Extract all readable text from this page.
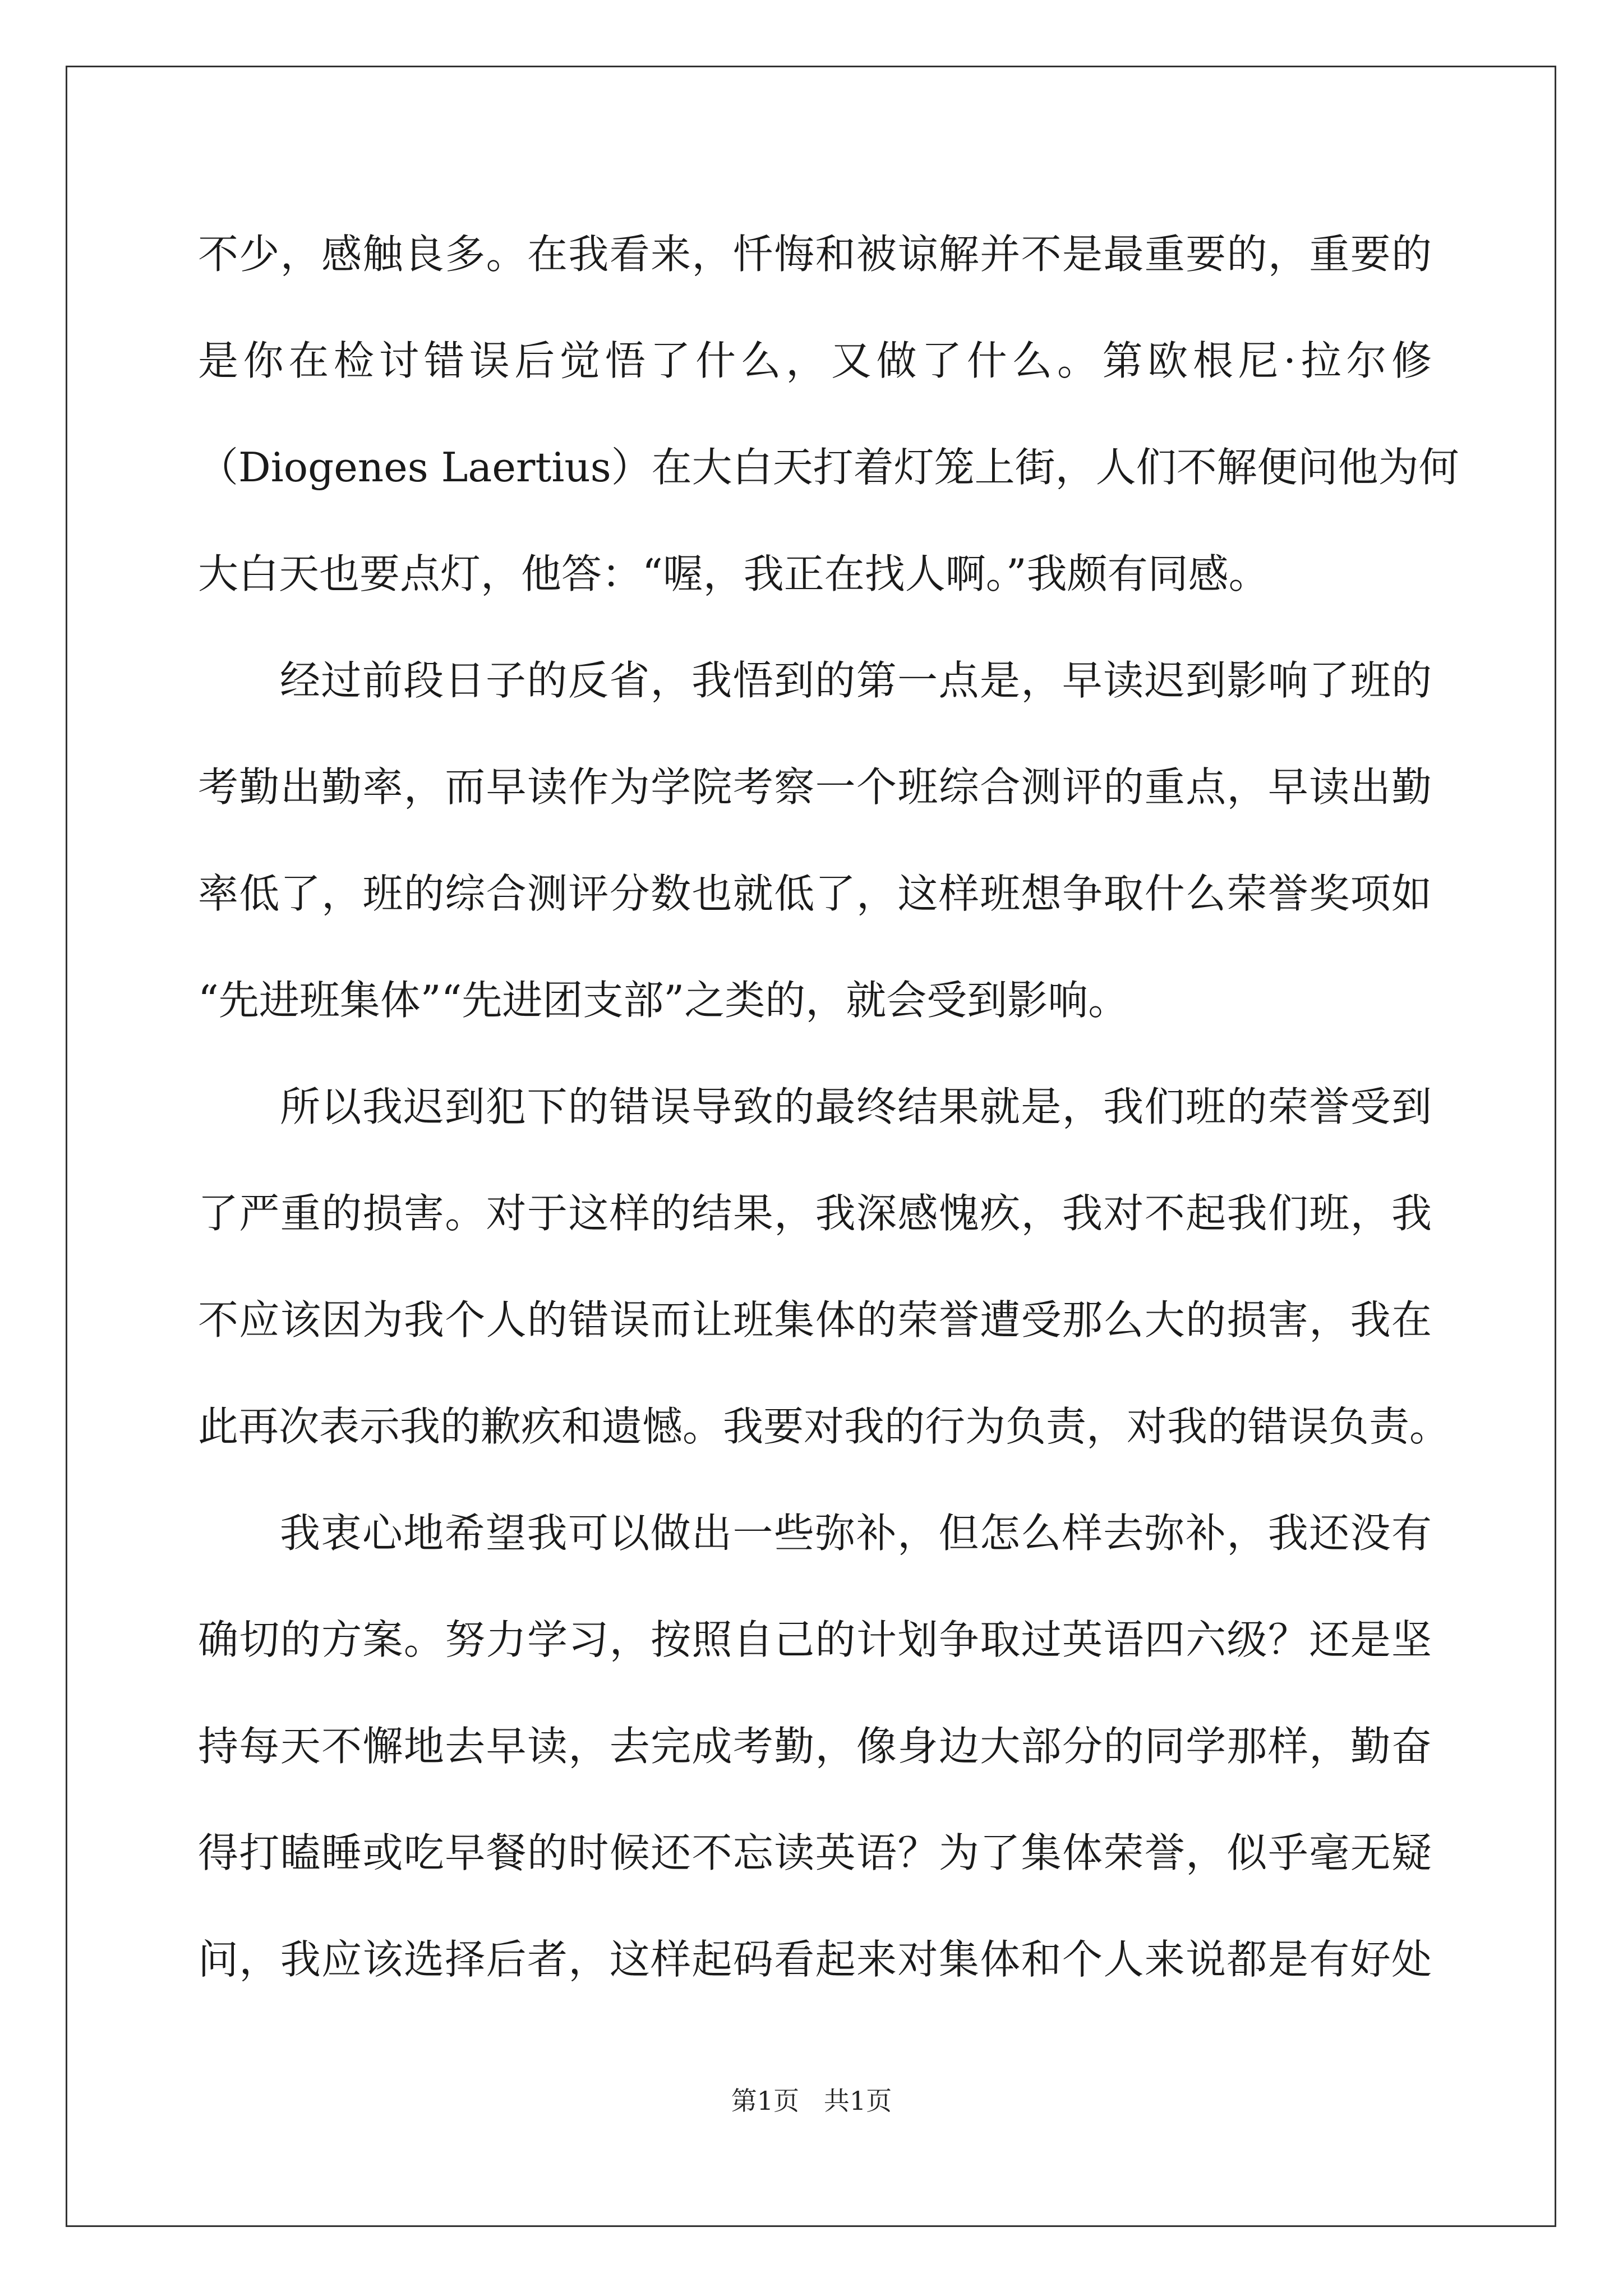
不少，感触良多。在我看来，忏悔和被谅解并不是最重要的，重要的
是你在检讨错误后觉悟了什么，又做了什么。第欧根尼·拉尔修
（Diogenes Laertius）在大白天打着灯笼上街，人们不解便问他为何
大白天也要点灯，他答：“喔，我正在找人啊。”我颇有同感。
经过前段日子的反省，我悟到的第一点是，早读迟到影响了班的
考勤出勤率，而早读作为学院考察一个班综合测评的重点，早读出勤
率低了，班的综合测评分数也就低了，这样班想争取什么荣誉奖项如
“先进班集体”“先进团支部”之类的，就会受到影响。
所以我迟到犯下的错误导致的最终结果就是，我们班的荣誉受到
了严重的损害。对于这样的结果，我深感愧疚，我对不起我们班，我
不应该因为我个人的错误而让班集体的荣誉遭受那么大的损害，我在
此再次表示我的歉疚和遗憾。我要对我的行为负责，对我的错误负责。
我衷心地希望我可以做出一些弥补，但怎么样去弥补，我还没有
确切的方案。努力学习，按照自己的计划争取过英语四六级？还是坚
持每天不懈地去早读，去完成考勤，像身边大部分的同学那样，勤奋
得打瞌睡或吃早餐的时候还不忘读英语？为了集体荣誉，似乎毫无疑
问，我应该选择后者，这样起码看起来对集体和个人来说都是有好处
第1页   共1页
